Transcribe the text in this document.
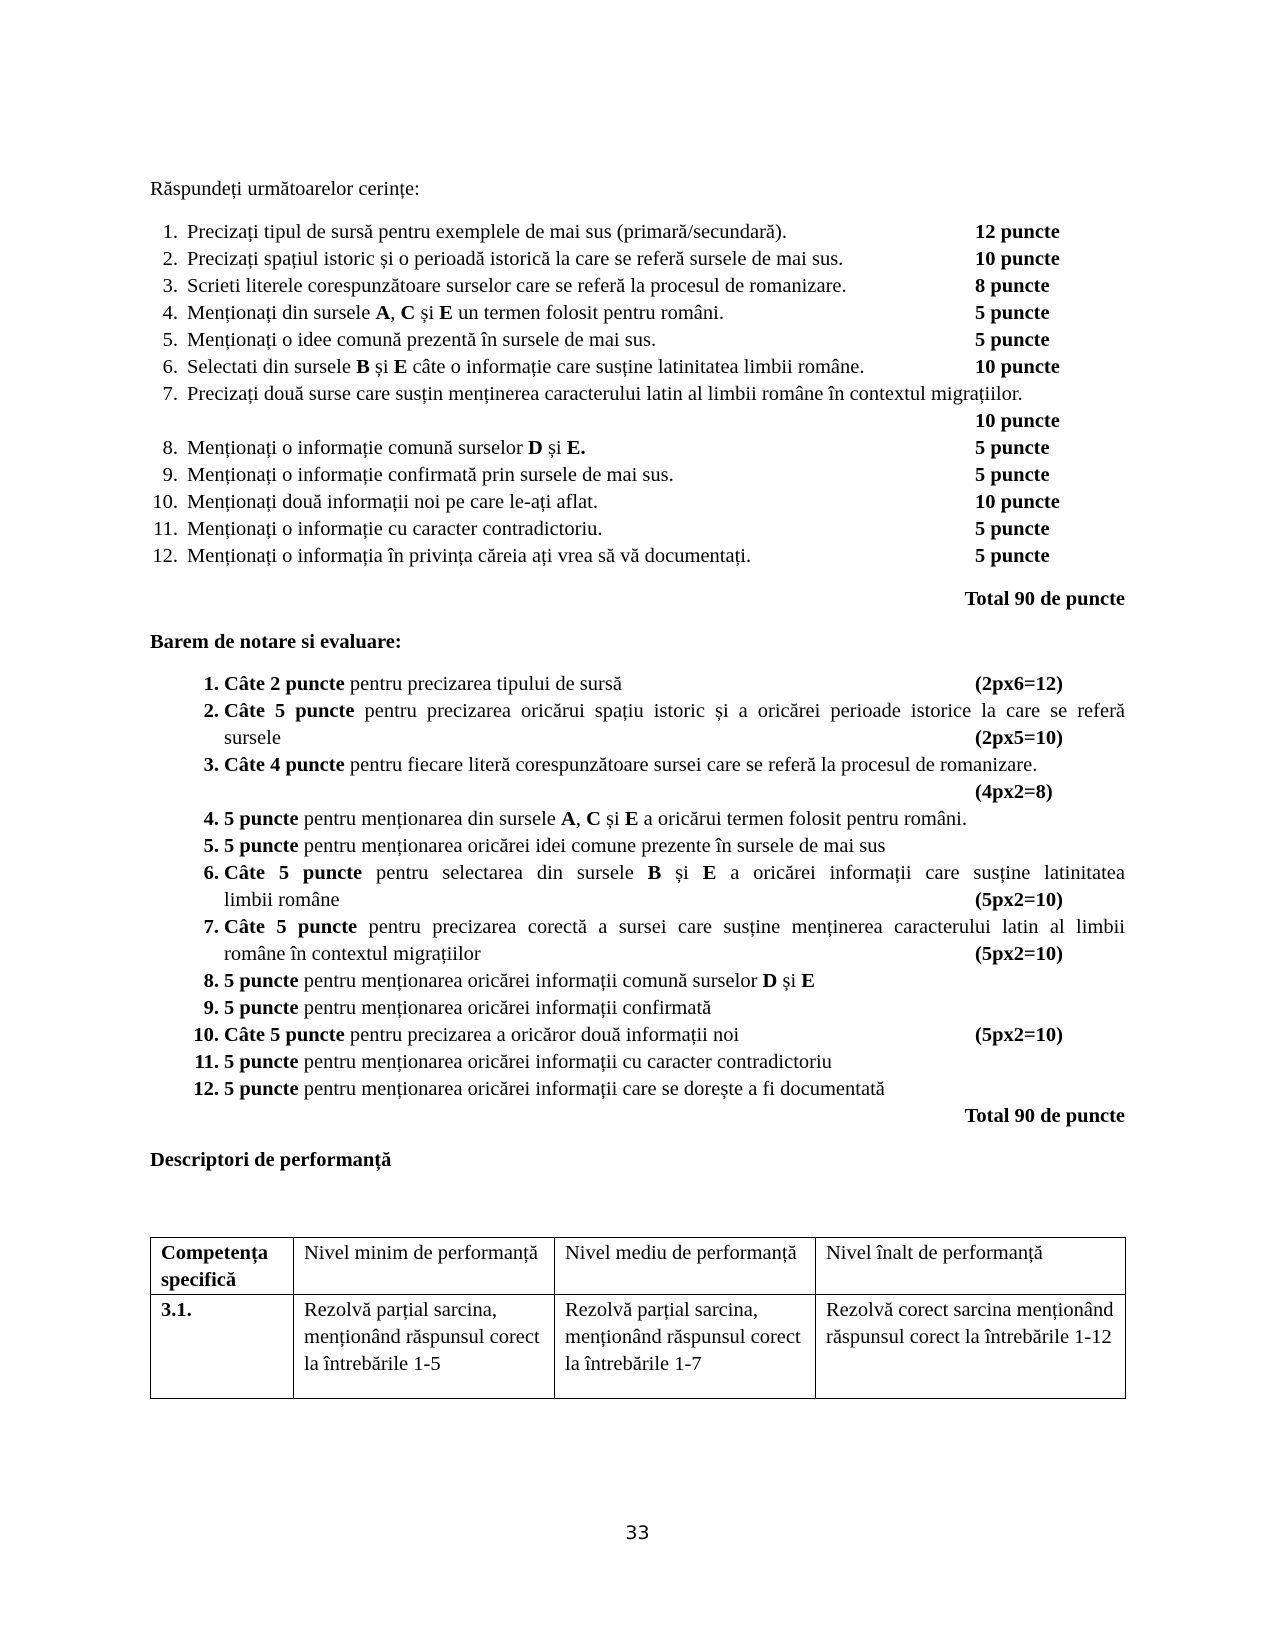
Răspundeți următoarelor cerințe:
1. Precizați tipul de sursă pentru exemplele de mai sus (primară/secundară).	12 puncte
2. Precizați spațiul istoric și o perioadă istorică la care se referă sursele de mai sus.	10 puncte
3. Scrieti literele corespunzătoare surselor care se referă la procesul de romanizare.	8 puncte
4. Menționați din sursele A, C și E un termen folosit pentru români.	5 puncte
5. Menționați o idee comună prezentă în sursele de mai sus.	5 puncte
6. Selectati din sursele B și E câte o informație care susține latinitatea limbii române.	10 puncte
7. Precizați două surse care susțin menținerea caracterului latin al limbii române în contextul migrațiilor.
10 puncte
8. Menționați o informație comună surselor D și E.	5 puncte
9. Menționați o informație confirmată prin sursele de mai sus.	5 puncte
10. Menționați două informații noi pe care le-ați aflat.	10 puncte
11. Menționați o informație cu caracter contradictoriu.	5 puncte
12. Menționați o informația în privința căreia ați vrea să vă documentați.	5 puncte
Total 90 de puncte
Barem de notare si evaluare:
1. Câte 2 puncte pentru precizarea tipului de sursă	(2px6=12)
2. Câte 5 puncte pentru precizarea oricărui spațiu istoric și a oricărei perioade istorice la care se referă
sursele	(2px5=10)
3. Câte 4 puncte pentru fiecare literă corespunzătoare sursei care se referă la procesul de romanizare.
(4px2=8)
4. 5 puncte pentru menționarea din sursele A, C și E a oricărui termen folosit pentru români.
5. 5 puncte pentru menționarea oricărei idei comune prezente în sursele de mai sus
6. Câte 5 puncte pentru selectarea din sursele B și E a oricărei informații care susține latinitatea
limbii române	(5px2=10)
7. Câte 5 puncte pentru precizarea corectă a sursei care susține menținerea caracterului latin al limbii
române în contextul migrațiilor	(5px2=10)
8. 5 puncte pentru menționarea oricărei informații comună surselor D și E
9. 5 puncte pentru menționarea oricărei informații confirmată
10. Câte 5 puncte pentru precizarea a oricăror două informații noi	(5px2=10)
11. 5 puncte pentru menționarea oricărei informații cu caracter contradictoriu
12. 5 puncte pentru menționarea oricărei informații care se dorește a fi documentată
Total 90 de puncte
Descriptori de performanță
Competența specifică	Nivel minim de performanță	Nivel mediu de performanță	Nivel înalt de performanță
3.1.	Rezolvă parțial sarcina, menționând răspunsul corect la întrebările 1-5	Rezolvă parțial sarcina, menționând răspunsul corect la întrebările 1-7	Rezolvă corect sarcina menționând răspunsul corect la întrebările 1-12
33
